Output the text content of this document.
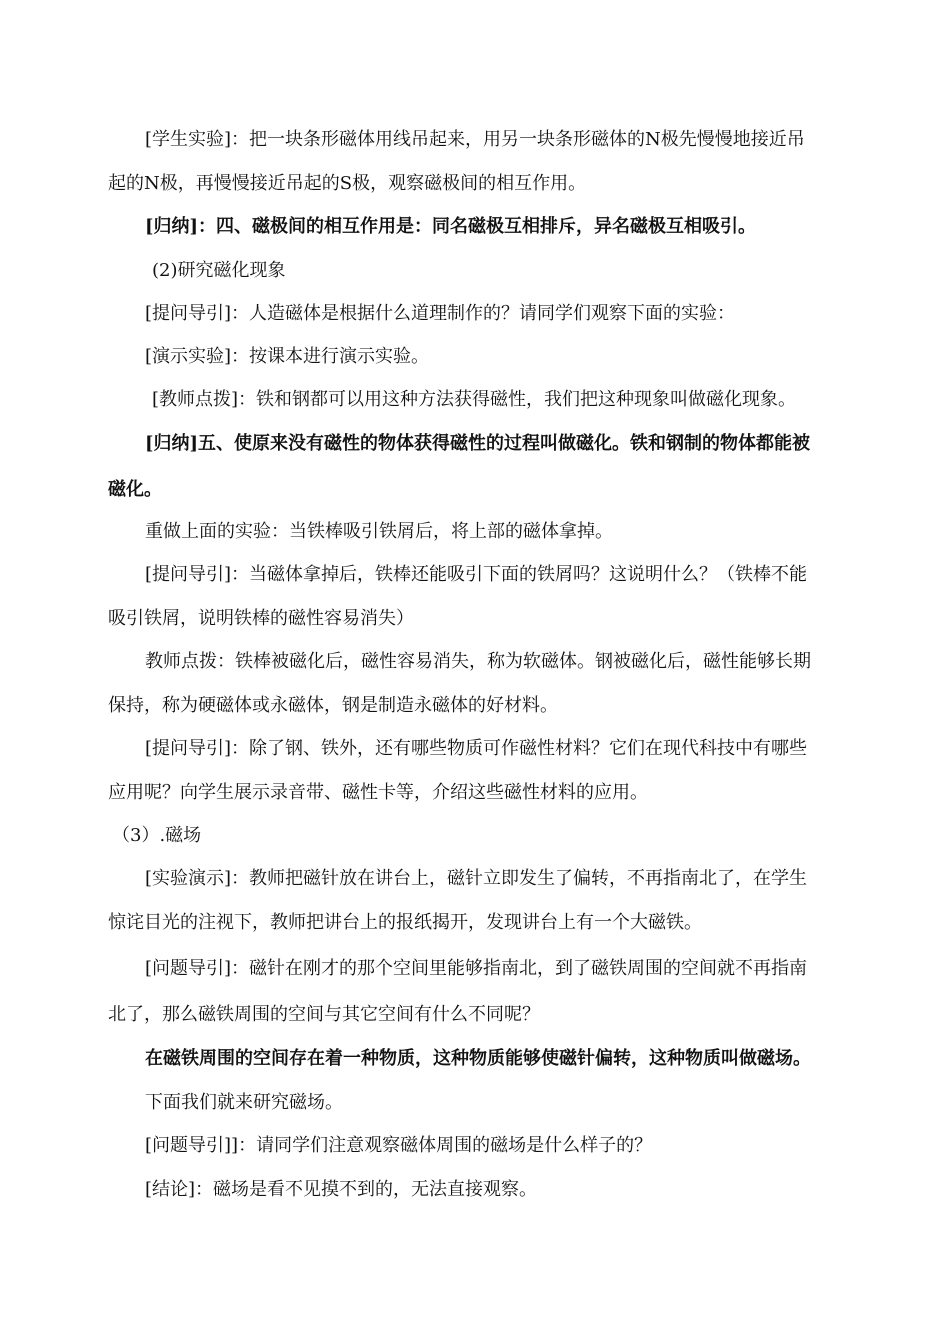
[学生实验]：把一块条形磁体用线吊起来，用另一块条形磁体的N极先慢慢地接近吊
起的N极，再慢慢接近吊起的S极，观察磁极间的相互作用。
[归纳]：四、磁极间的相互作用是：同名磁极互相排斥，异名磁极互相吸引。
(2)研究磁化现象
[提问导引]：人造磁体是根据什么道理制作的？请同学们观察下面的实验：
[演示实验]：按课本进行演示实验。
[教师点拨]：铁和钢都可以用这种方法获得磁性，我们把这种现象叫做磁化现象。
[归纳]五、使原来没有磁性的物体获得磁性的过程叫做磁化。铁和钢制的物体都能被
磁化。
重做上面的实验：当铁棒吸引铁屑后，将上部的磁体拿掉。
[提问导引]：当磁体拿掉后，铁棒还能吸引下面的铁屑吗？这说明什么？（铁棒不能
吸引铁屑，说明铁棒的磁性容易消失）
教师点拨：铁棒被磁化后，磁性容易消失，称为软磁体。钢被磁化后，磁性能够长期
保持，称为硬磁体或永磁体，钢是制造永磁体的好材料。
[提问导引]：除了钢、铁外，还有哪些物质可作磁性材料？它们在现代科技中有哪些
应用呢？向学生展示录音带、磁性卡等，介绍这些磁性材料的应用。
（3）.磁场
[实验演示]：教师把磁针放在讲台上，磁针立即发生了偏转，不再指南北了，在学生
惊诧目光的注视下，教师把讲台上的报纸揭开，发现讲台上有一个大磁铁。
[问题导引]：磁针在刚才的那个空间里能够指南北，到了磁铁周围的空间就不再指南
北了，那么磁铁周围的空间与其它空间有什么不同呢？
在磁铁周围的空间存在着一种物质，这种物质能够使磁针偏转，这种物质叫做磁场。
下面我们就来研究磁场。
[问题导引]]：请同学们注意观察磁体周围的磁场是什么样子的？
[结论]：磁场是看不见摸不到的，无法直接观察。
